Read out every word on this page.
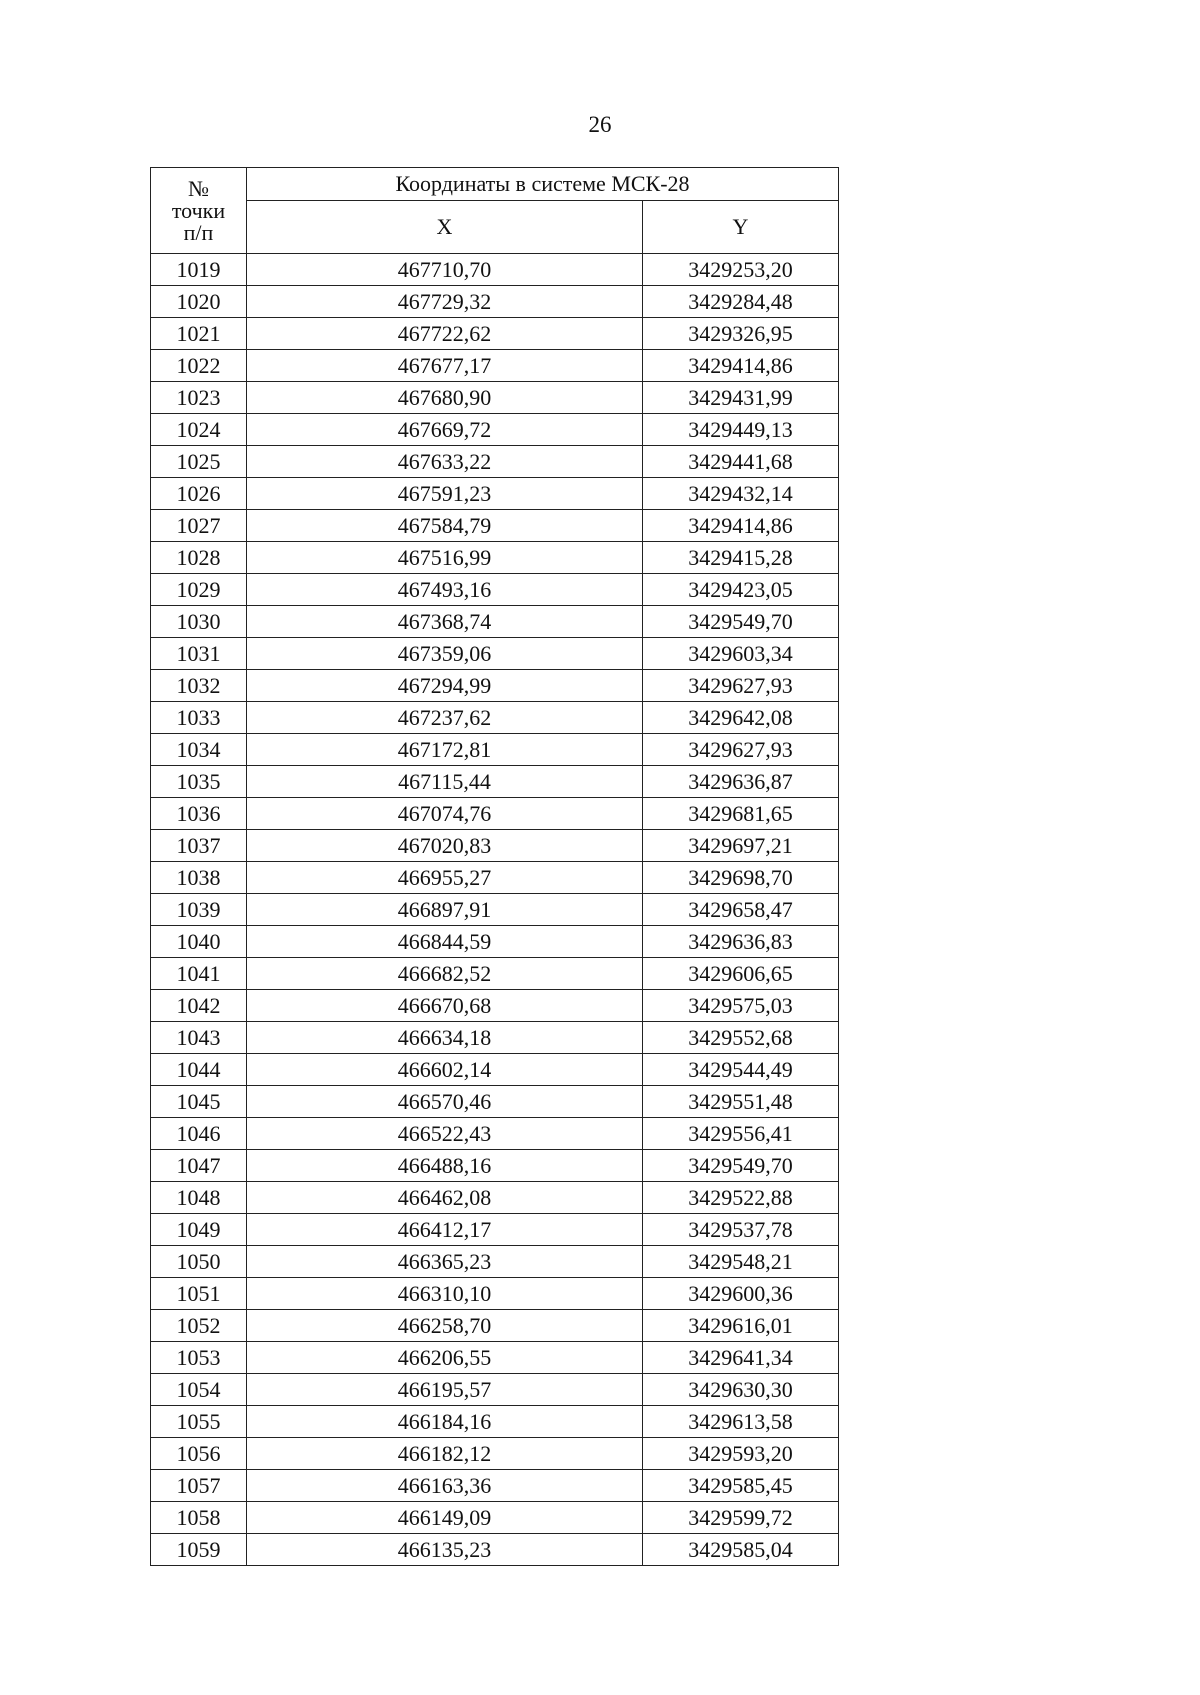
26
№
точки
п/п	Координаты в системе МСК-28	
	X	Y
1019	467710,70	3429253,20
1020	467729,32	3429284,48
1021	467722,62	3429326,95
1022	467677,17	3429414,86
1023	467680,90	3429431,99
1024	467669,72	3429449,13
1025	467633,22	3429441,68
1026	467591,23	3429432,14
1027	467584,79	3429414,86
1028	467516,99	3429415,28
1029	467493,16	3429423,05
1030	467368,74	3429549,70
1031	467359,06	3429603,34
1032	467294,99	3429627,93
1033	467237,62	3429642,08
1034	467172,81	3429627,93
1035	467115,44	3429636,87
1036	467074,76	3429681,65
1037	467020,83	3429697,21
1038	466955,27	3429698,70
1039	466897,91	3429658,47
1040	466844,59	3429636,83
1041	466682,52	3429606,65
1042	466670,68	3429575,03
1043	466634,18	3429552,68
1044	466602,14	3429544,49
1045	466570,46	3429551,48
1046	466522,43	3429556,41
1047	466488,16	3429549,70
1048	466462,08	3429522,88
1049	466412,17	3429537,78
1050	466365,23	3429548,21
1051	466310,10	3429600,36
1052	466258,70	3429616,01
1053	466206,55	3429641,34
1054	466195,57	3429630,30
1055	466184,16	3429613,58
1056	466182,12	3429593,20
1057	466163,36	3429585,45
1058	466149,09	3429599,72
1059	466135,23	3429585,04
